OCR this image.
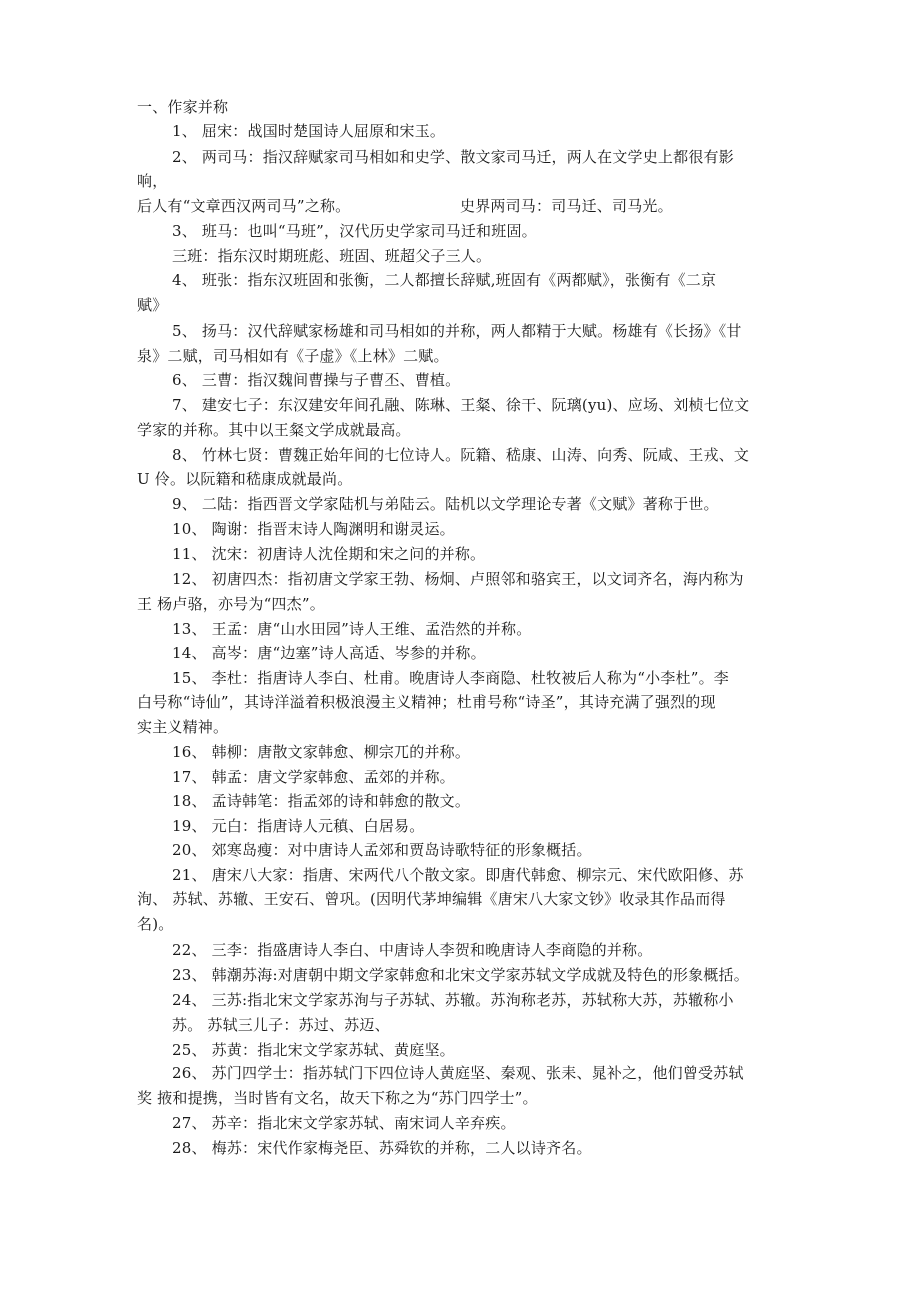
一、作家并称
1、 屈宋：战国时楚国诗人屈原和宋玉。
2、 两司马：指汉辞赋家司马相如和史学、散文家司马迁，两人在文学史上都很有影
响，
后人有“文章西汉两司马”之称。	史界两司马：司马迁、司马光。
3、 班马：也叫“马班”，汉代历史学家司马迁和班固。
三班：指东汉时期班彪、班固、班超父子三人。
4、 班张：指东汉班固和张衡，二人都擅长辞赋,班固有《两都赋》，张衡有《二京
赋》
5、 扬马：汉代辞赋家杨雄和司马相如的并称，两人都精于大赋。杨雄有《长扬》《甘
泉》二赋，司马相如有《子虚》《上林》二赋。
6、 三曹：指汉魏间曹操与子曹丕、曹植。
7、 建安七子：东汉建安年间孔融、陈琳、王粲、徐干、阮璃(yu)、应场、刘桢七位文
学家的并称。其中以王粲文学成就最高。
8、 竹林七贤：曹魏正始年间的七位诗人。阮籍、嵇康、山涛、向秀、阮咸、王戎、文
U 伶。以阮籍和嵇康成就最尚。
9、 二陆：指西晋文学家陆机与弟陆云。陆机以文学理论专著《文赋》著称于世。
10、 陶谢：指晋末诗人陶渊明和谢灵运。
11、 沈宋：初唐诗人沈佺期和宋之问的并称。
12、 初唐四杰：指初唐文学家王勃、杨炯、卢照邻和骆宾王，以文词齐名，海内称为
王 杨卢骆，亦号为“四杰”。
13、 王孟：唐“山水田园”诗人王维、孟浩然的并称。
14、 高岑：唐“边塞”诗人高适、岑参的并称。
15、 李杜：指唐诗人李白、杜甫。晚唐诗人李商隐、杜牧被后人称为“小李杜”。李
白号称“诗仙”，其诗洋溢着积极浪漫主义精神；杜甫号称“诗圣”，其诗充满了强烈的现
实主义精神。
16、 韩柳：唐散文家韩愈、柳宗兀的并称。
17、 韩孟：唐文学家韩愈、孟郊的并称。
18、 孟诗韩笔：指孟郊的诗和韩愈的散文。
19、 元白：指唐诗人元稹、白居易。
20、 郊寒岛瘦：对中唐诗人孟郊和贾岛诗歌特征的形象概括。
21、 唐宋八大家：指唐、宋两代八个散文家。即唐代韩愈、柳宗元、宋代欧阳修、苏
洵、 苏轼、苏辙、王安石、曾巩。(因明代茅坤编辑《唐宋八大家文钞》收录其作品而得
名)。
22、 三李：指盛唐诗人李白、中唐诗人李贺和晚唐诗人李商隐的并称。
23、 韩潮苏海:对唐朝中期文学家韩愈和北宋文学家苏轼文学成就及特色的形象概括。
24、 三苏:指北宋文学家苏洵与子苏轼、苏辙。苏洵称老苏，苏轼称大苏，苏辙称小
苏。 苏轼三儿子：苏过、苏迈、
25、 苏黄：指北宋文学家苏轼、黄庭坚。
26、 苏门四学士：指苏轼门下四位诗人黄庭坚、秦观、张耒、晁补之，他们曾受苏轼
奖 掖和提携，当时皆有文名，故天下称之为“苏门四学士”。
27、 苏辛：指北宋文学家苏轼、南宋词人辛弃疾。
28、 梅苏：宋代作家梅尧臣、苏舜钦的并称，二人以诗齐名。
